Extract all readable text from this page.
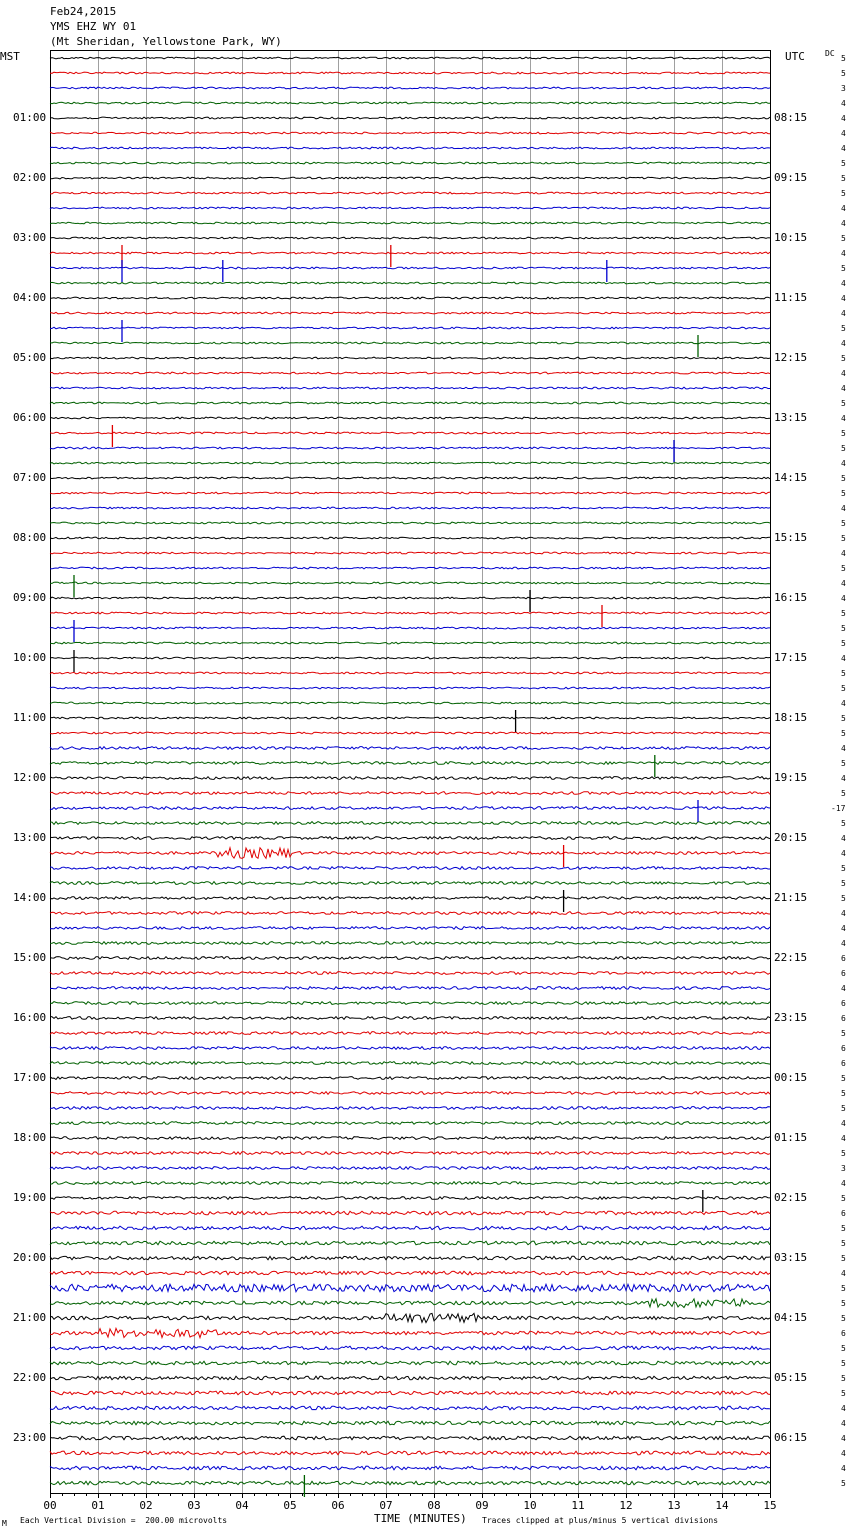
Feb24,2015
YMS EHZ WY 01
(Mt Sheridan, Yellowstone Park, WY)
MST	UTC	DC
00	01	02	03	04	05	06	07	08	09	10	11	12	13	14	15
01:00
02:00
03:00
04:00
05:00
06:00
07:00
08:00
09:00
10:00
11:00
12:00
13:00
14:00
15:00
16:00
17:00
18:00
19:00
20:00
21:00
22:00
23:00
08:15
09:15
10:15
11:15
12:15
13:15
14:15
15:15
16:15
17:15
18:15
19:15
20:15
21:15
22:15
23:15
00:15
01:15
02:15
03:15
04:15
05:15
06:15
5
5
3
4
4
4
4
5
5
5
4
4
5
4
5
4
4
4
5
4
5
4
4
5
4
5
5
4
5
5
4
5
5
4
5
4
4
5
5
5
4
5
5
4
5
5
4
5
4
5
-17
5
4
4
5
5
5
4
4
4
6
6
4
6
6
5
6
6
5
5
5
4
4
5
3
4
5
6
5
5
5
4
5
5
5
6
5
5
5
5
4
4
4
4
4
5
M Each Vertical Division =  200.00 microvolts	TIME (MINUTES) Traces clipped at plus/minus 5 vertical divisions
